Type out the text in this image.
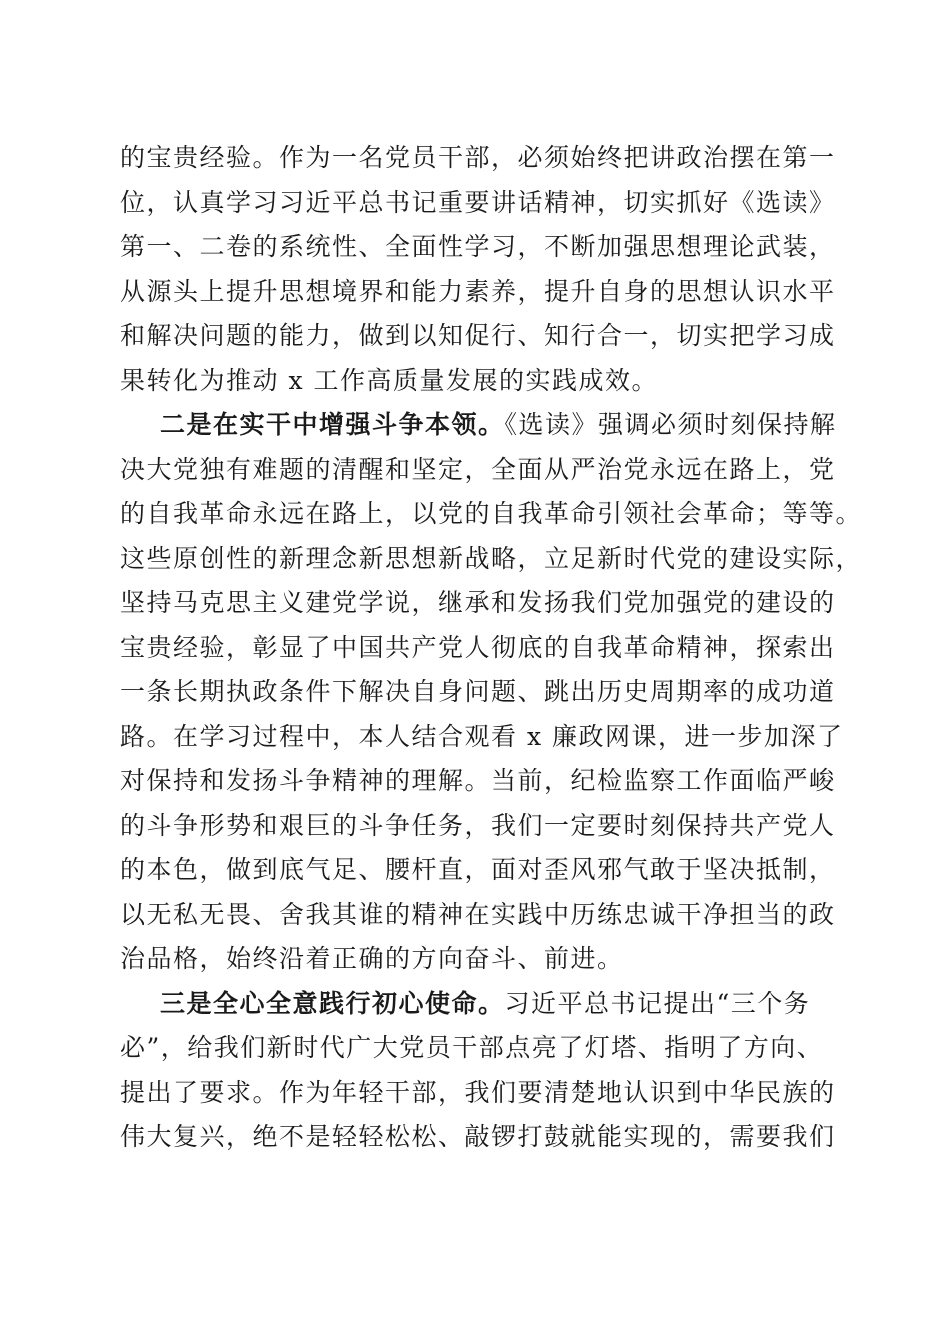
的宝贵经验。作为一名党员干部，必须始终把讲政治摆在第一
位，认真学习习近平总书记重要讲话精神，切实抓好《选读》
第一、二卷的系统性、全面性学习，不断加强思想理论武装，
从源头上提升思想境界和能力素养，提升自身的思想认识水平
和解决问题的能力，做到以知促行、知行合一，切实把学习成
果转化为推动 x 工作高质量发展的实践成效。
二是在实干中增强斗争本领。《选读》强调必须时刻保持解
决大党独有难题的清醒和坚定，全面从严治党永远在路上，党
的自我革命永远在路上，以党的自我革命引领社会革命；等等。
这些原创性的新理念新思想新战略，立足新时代党的建设实际，
坚持马克思主义建党学说，继承和发扬我们党加强党的建设的
宝贵经验，彰显了中国共产党人彻底的自我革命精神，探索出
一条长期执政条件下解决自身问题、跳出历史周期率的成功道
路。在学习过程中，本人结合观看 x 廉政网课，进一步加深了
对保持和发扬斗争精神的理解。当前，纪检监察工作面临严峻
的斗争形势和艰巨的斗争任务，我们一定要时刻保持共产党人
的本色，做到底气足、腰杆直，面对歪风邪气敢于坚决抵制，
以无私无畏、舍我其谁的精神在实践中历练忠诚干净担当的政
治品格，始终沿着正确的方向奋斗、前进。
三是全心全意践行初心使命。习近平总书记提出“三个务
必”，给我们新时代广大党员干部点亮了灯塔、指明了方向、
提出了要求。作为年轻干部，我们要清楚地认识到中华民族的
伟大复兴，绝不是轻轻松松、敲锣打鼓就能实现的，需要我们
